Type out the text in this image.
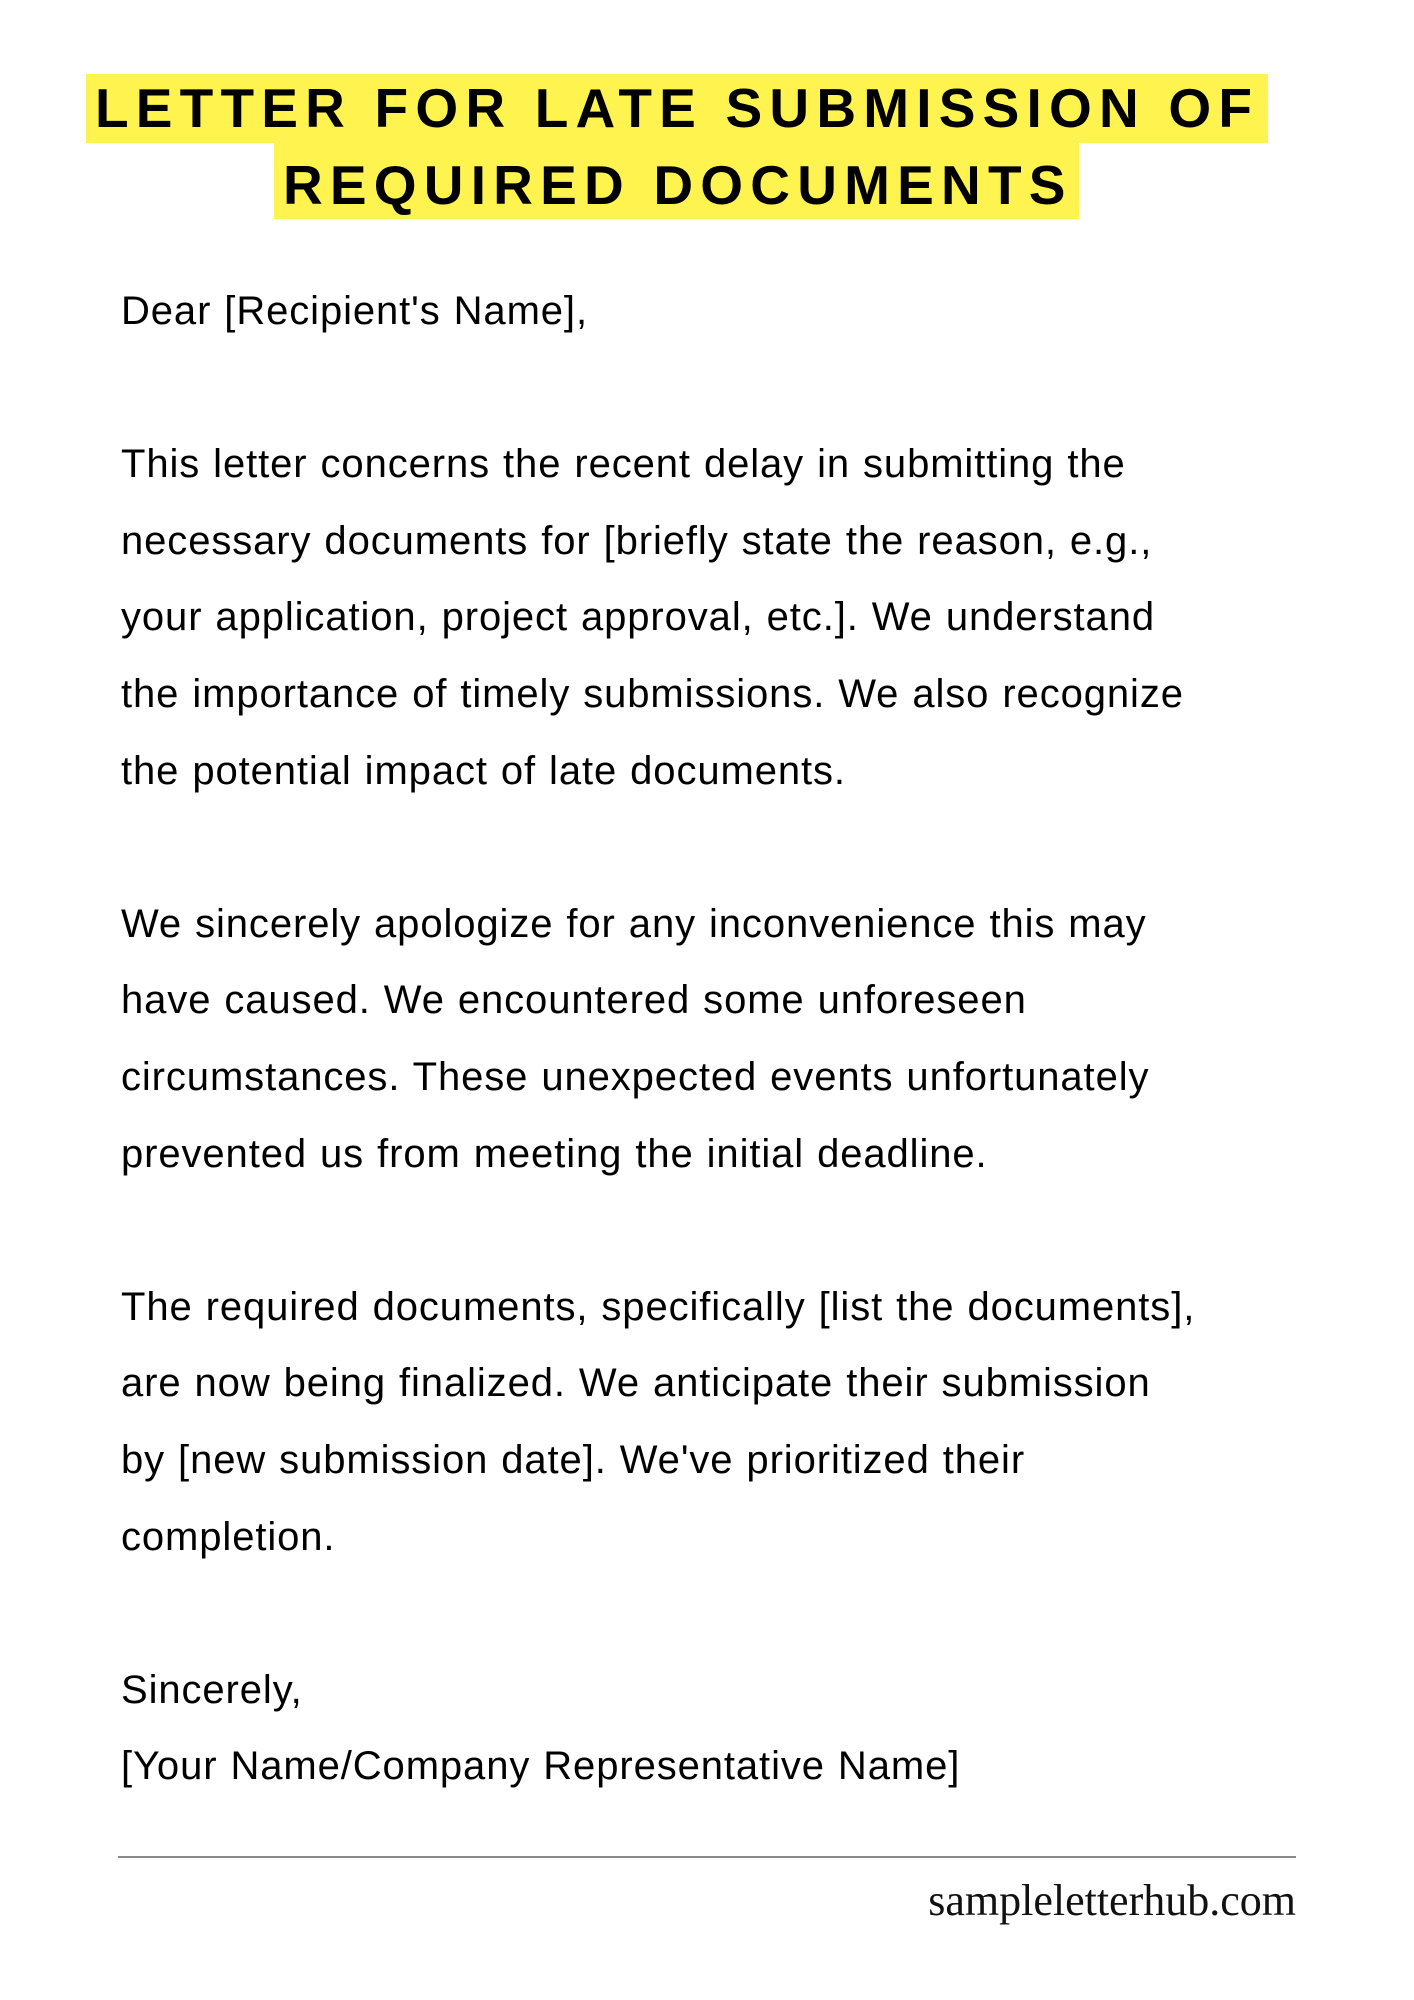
LETTER FOR LATE SUBMISSION OF
REQUIRED DOCUMENTS
Dear [Recipient's Name],
This letter concerns the recent delay in submitting the
necessary documents for [briefly state the reason, e.g.,
your application, project approval, etc.]. We understand
the importance of timely submissions. We also recognize
the potential impact of late documents.
We sincerely apologize for any inconvenience this may
have caused. We encountered some unforeseen
circumstances. These unexpected events unfortunately
prevented us from meeting the initial deadline.
The required documents, specifically [list the documents],
are now being finalized. We anticipate their submission
by [new submission date]. We've prioritized their
completion.
Sincerely,
[Your Name/Company Representative Name]
sampleletterhub.com
